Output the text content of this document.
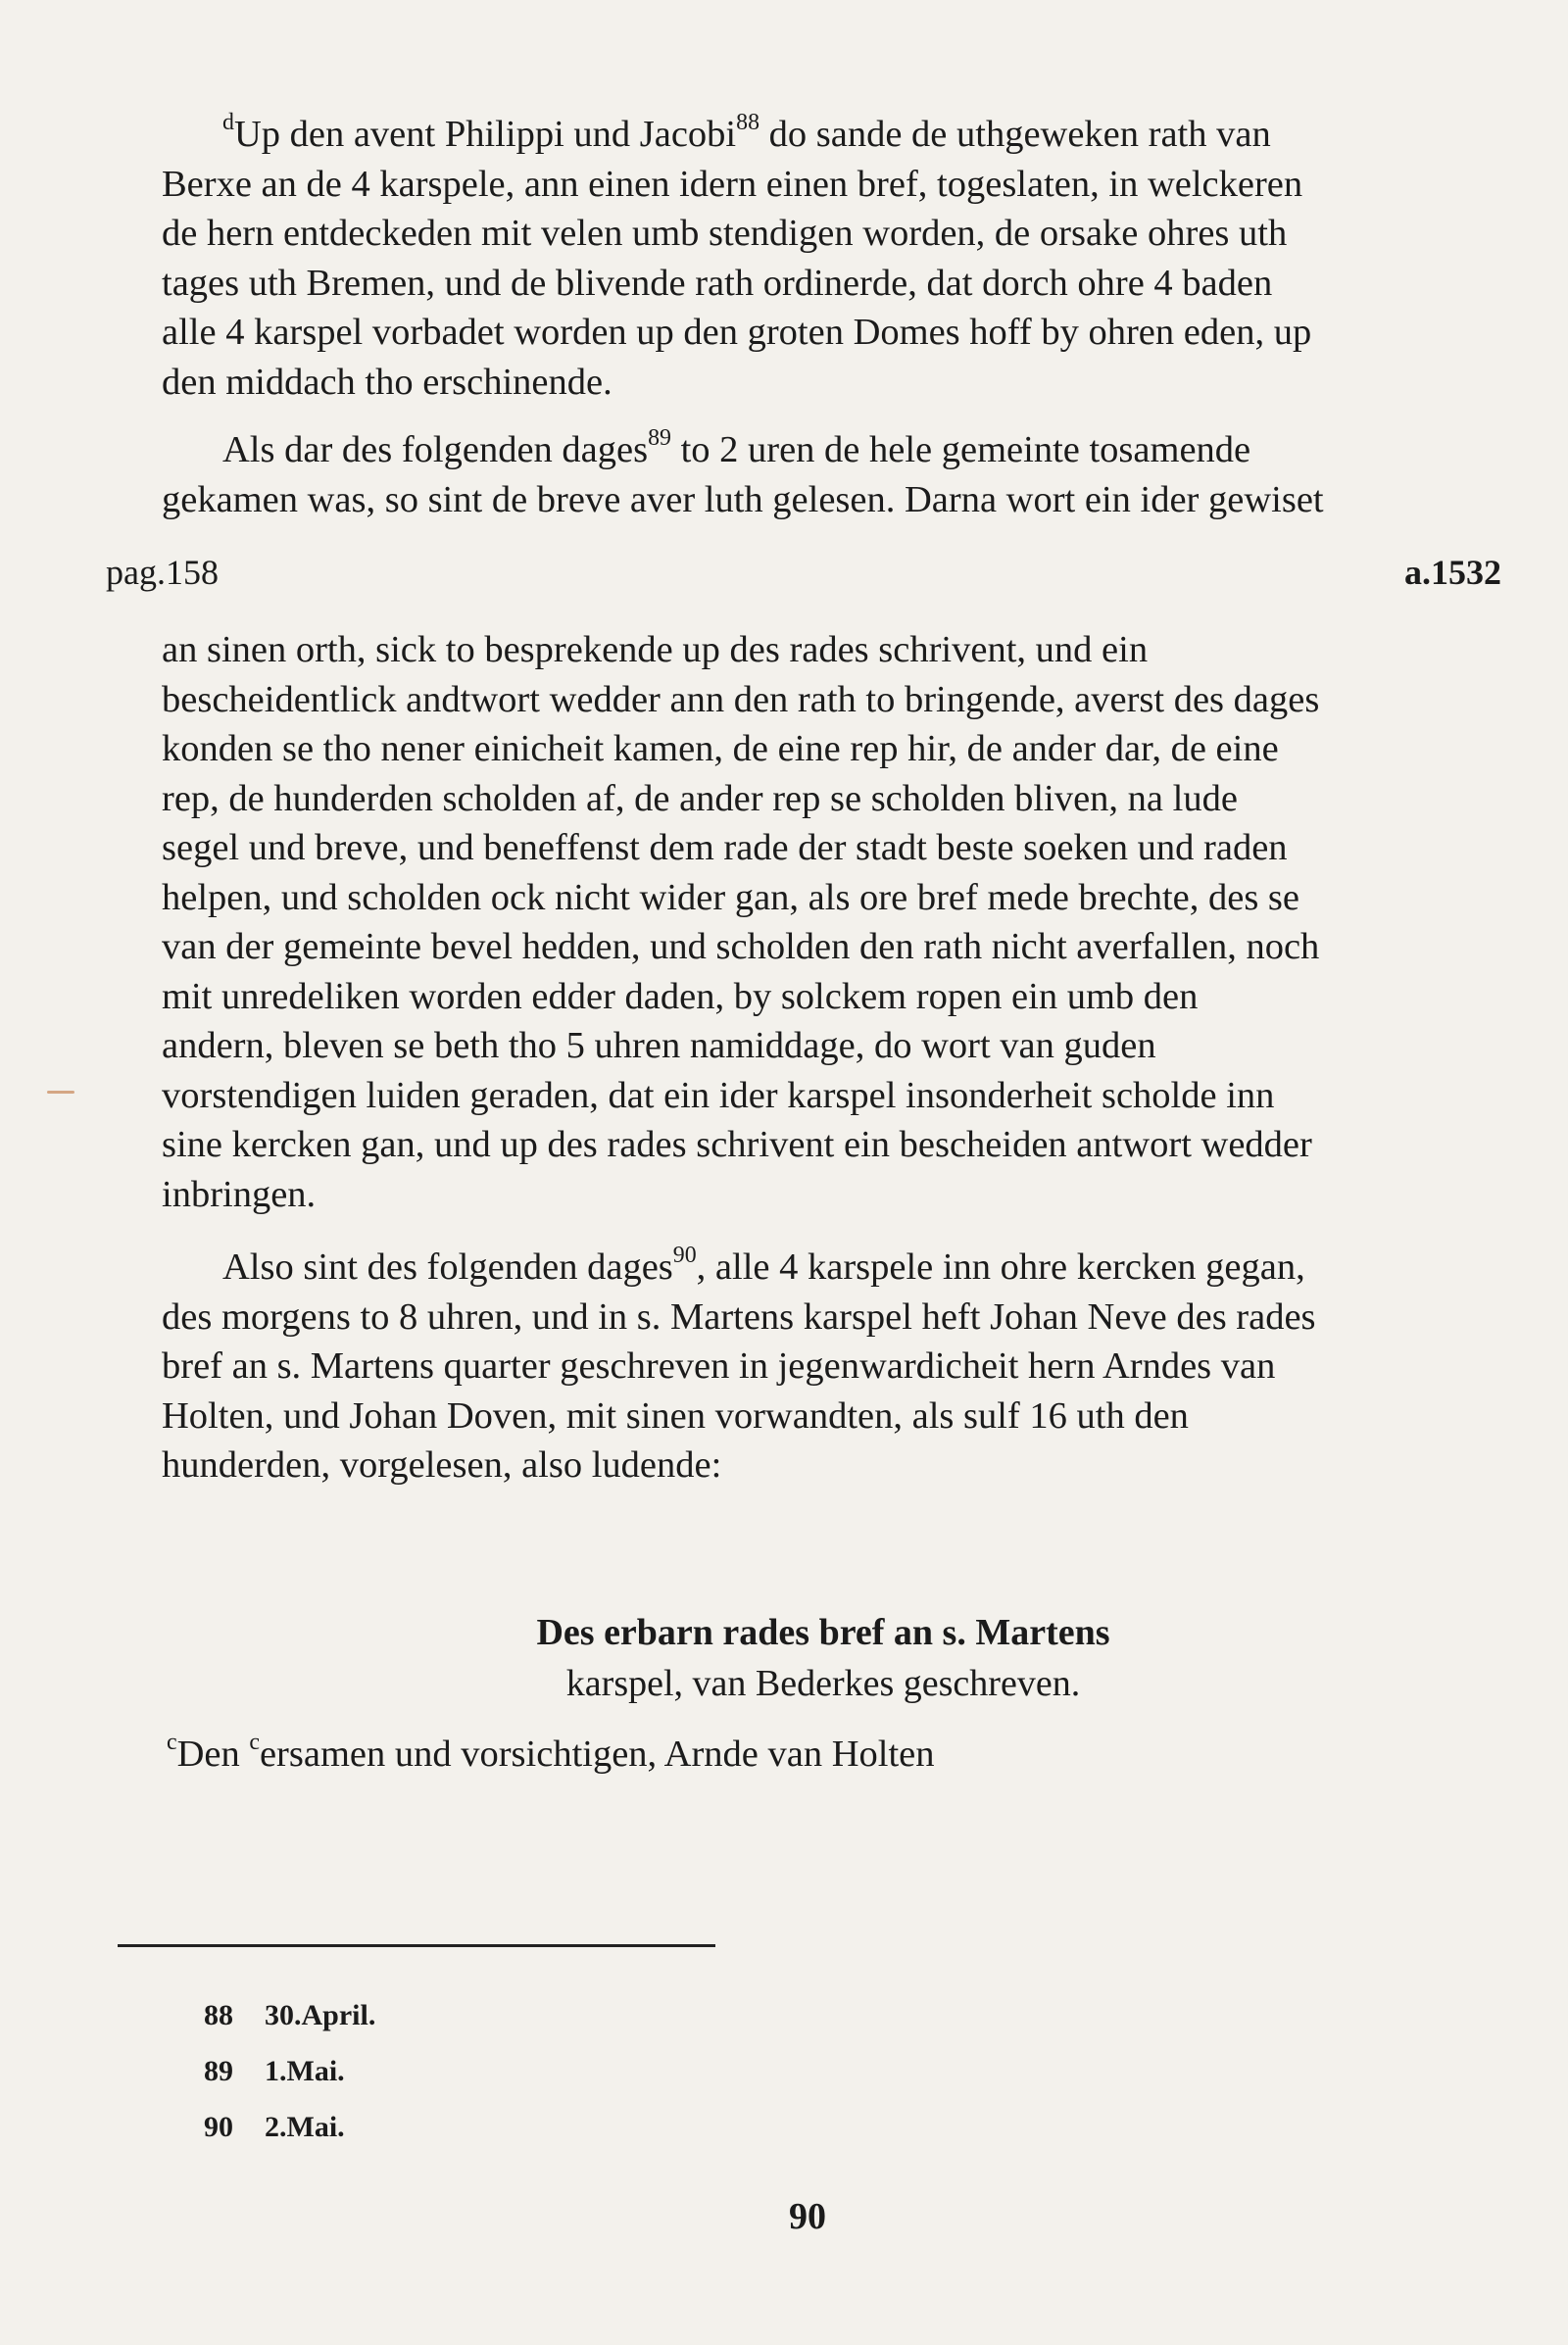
$^d$Up den avent Philippi und Jacobi$^{88}$ do sande de uthgeweken rath van
Berxe an de 4 karspele, ann einen idern einen bref, togeslaten, in welckeren
de hern entdeckeden mit velen umb stendigen worden, de orsake ohres uth
tages uth Bremen, und de blivende rath ordinerde, dat dorch ohre 4 baden
alle 4 karspel vorbadet worden up den groten Domes hoff by ohren eden, up
den middach tho erschinende.
Als dar des folgenden dages$^{89}$ to 2 uren de hele gemeinte tosamende
gekamen was, so sint de breve aver luth gelesen. Darna wort ein ider gewiset
pag.158	a.1532
an sinen orth, sick to besprekende up des rades schrivent, und ein
bescheidentlick andtwort wedder ann den rath to bringende, averst des dages
konden se tho nener einicheit kamen, de eine rep hir, de ander dar, de eine
rep, de hunderden scholden af, de ander rep se scholden bliven, na lude
segel und breve, und beneffenst dem rade der stadt beste soeken und raden
helpen, und scholden ock nicht wider gan, als ore bref mede brechte, des se
van der gemeinte bevel hedden, und scholden den rath nicht averfallen, noch
mit unredeliken worden edder daden, by solckem ropen ein umb den
andern, bleven se beth tho 5 uhren namiddage, do wort van guden
vorstendigen luiden geraden, dat ein ider karspel insonderheit scholde inn
sine kercken gan, und up des rades schrivent ein bescheiden antwort wedder
inbringen.
Also sint des folgenden dages$^{90}$, alle 4 karspele inn ohre kercken gegan,
des morgens to 8 uhren, und in s. Martens karspel heft Johan Neve des rades
bref an s. Martens quarter geschreven in jegenwardicheit hern Arndes van
Holten, und Johan Doven, mit sinen vorwandten, als sulf 16 uth den
hunderden, vorgelesen, also ludende:
Des erbarn rades bref an s. Martens
karspel, van Bederkes geschreven.
$^c$Den $^c$ersamen und vorsichtigen, Arnde van Holten
88 30.April.
89 1.Mai.
90 2.Mai.
90
